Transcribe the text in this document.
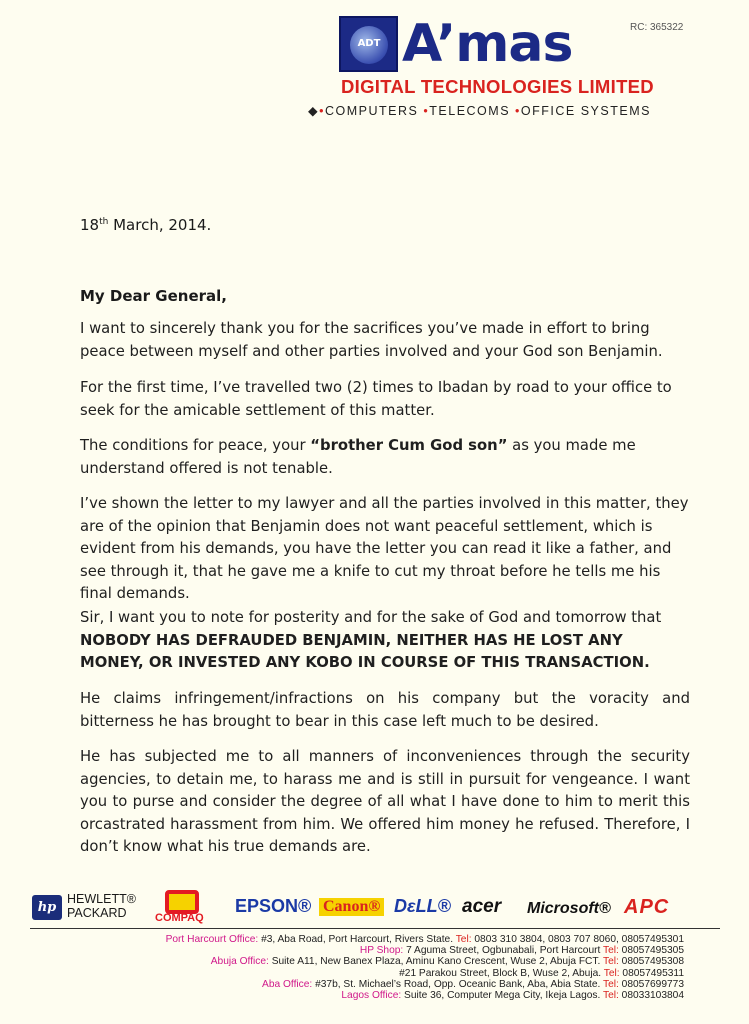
ADT A’mas	RC: 365322
DIGITAL TECHNOLOGIES LIMITED
◆•COMPUTERS •TELECOMS •OFFICE SYSTEMS
18th March, 2014.
My Dear General,
I want to sincerely thank you for the sacrifices you’ve made in effort to bring peace between myself and other parties involved and your God son Benjamin.
For the first time, I’ve travelled two (2) times to Ibadan by road to your office to seek for the amicable settlement of this matter.
The conditions for peace, your “brother Cum God son” as you made me understand offered is not tenable.
I’ve shown the letter to my lawyer and all the parties involved in this matter, they are of the opinion that Benjamin does not want peaceful settlement, which is evident from his demands, you have the letter you can read it like a father, and see through it, that he gave me a knife to cut my throat before he tells me his final demands.
Sir, I want you to note for posterity and for the sake of God and tomorrow that NOBODY HAS DEFRAUDED BENJAMIN, NEITHER HAS HE LOST ANY MONEY, OR INVESTED ANY KOBO IN COURSE OF THIS TRANSACTION.
He claims infringement/infractions on his company but the voracity and bitterness he has brought to bear in this case left much to be desired.
He has subjected me to all manners of inconveniences through the security agencies, to detain me, to harass me and is still in pursuit for vengeance. I want you to purse and consider the degree of all what I have done to him to merit this orcastrated harassment from him. We offered him money he refused. Therefore, I don’t know what his true demands are.
hp
HEWLETT®
PACKARD	COMPAQ
EPSON® Canon® DεLL® acer Microsoft® APC
Port Harcourt Office: #3, Aba Road, Port Harcourt, Rivers State. Tel: 0803 310 3804, 0803 707 8060, 08057495301
HP Shop: 7 Aguma Street, Ogbunabali, Port Harcourt Tel: 08057495305
Abuja Office: Suite A11, New Banex Plaza, Aminu Kano Crescent, Wuse 2, Abuja FCT. Tel: 08057495308
#21 Parakou Street, Block B, Wuse 2, Abuja. Tel: 08057495311
Aba Office: #37b, St. Michael’s Road, Opp. Oceanic Bank, Aba, Abia State. Tel: 08057699773
Lagos Office: Suite 36, Computer Mega City, Ikeja Lagos. Tel: 08033103804
